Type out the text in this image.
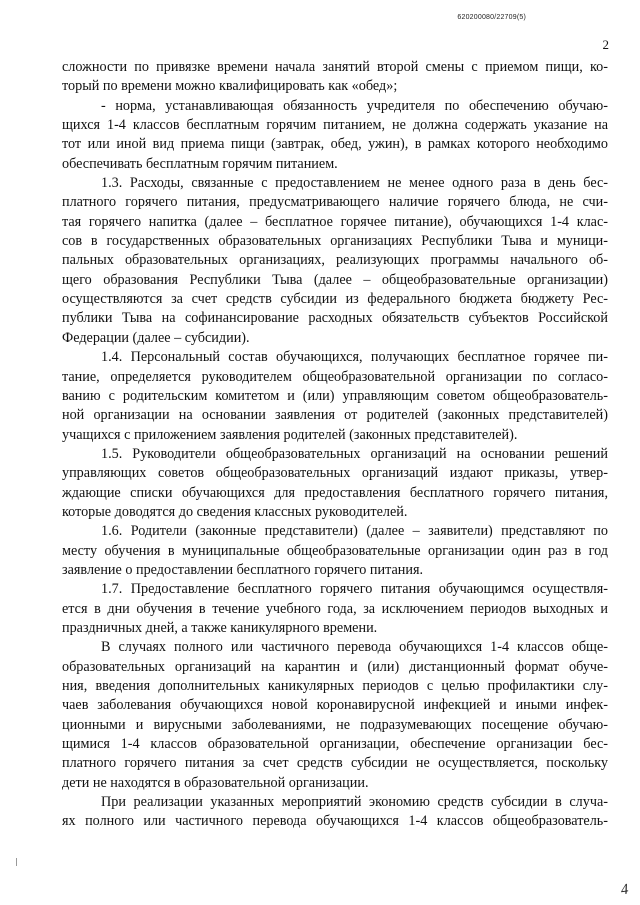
620200080/22709(5)
2
сложности по привязке времени начала занятий второй смены с приемом пищи, ко-
торый по времени можно квалифицировать как «обед»;
- норма, устанавливающая обязанность учредителя по обеспечению обучаю-
щихся 1-4 классов бесплатным горячим питанием, не должна содержать указание на
тот или иной вид приема пищи (завтрак, обед, ужин), в рамках которого необходимо
обеспечивать бесплатным горячим питанием.
1.3. Расходы, связанные с предоставлением не менее одного раза в день бес-
платного горячего питания, предусматривающего наличие горячего блюда, не счи-
тая горячего напитка (далее – бесплатное горячее питание), обучающихся 1-4 клас-
сов в государственных образовательных организациях Республики Тыва и муници-
пальных образовательных организациях, реализующих программы начального об-
щего образования Республики Тыва (далее – общеобразовательные организации)
осуществляются за счет средств субсидии из федерального бюджета бюджету Рес-
публики Тыва на софинансирование расходных обязательств субъектов Российской
Федерации (далее – субсидии).
1.4. Персональный состав обучающихся, получающих бесплатное горячее пи-
тание, определяется руководителем общеобразовательной организации по согласо-
ванию с родительским комитетом и (или) управляющим советом общеобразователь-
ной организации на основании заявления от родителей (законных представителей)
учащихся с приложением заявления родителей (законных представителей).
1.5. Руководители общеобразовательных организаций на основании решений
управляющих советов общеобразовательных организаций издают приказы, утвер-
ждающие списки обучающихся для предоставления бесплатного горячего питания,
которые доводятся до сведения классных руководителей.
1.6. Родители (законные представители) (далее – заявители) представляют по
месту обучения в муниципальные общеобразовательные организации один раз в год
заявление о предоставлении бесплатного горячего питания.
1.7. Предоставление бесплатного горячего питания обучающимся осуществля-
ется в дни обучения в течение учебного года, за исключением периодов выходных и
праздничных дней, а также каникулярного времени.
В случаях полного или частичного перевода обучающихся 1-4 классов обще-
образовательных организаций на карантин и (или) дистанционный формат обуче-
ния, введения дополнительных каникулярных периодов с целью профилактики слу-
чаев заболевания обучающихся новой коронавирусной инфекцией и иными инфек-
ционными и вирусными заболеваниями, не подразумевающих посещение обучаю-
щимися 1-4 классов образовательной организации, обеспечение организации бес-
платного горячего питания за счет средств субсидии не осуществляется, поскольку
дети не находятся в образовательной организации.
При реализации указанных мероприятий экономию средств субсидии в случа-
ях полного или частичного перевода обучающихся 1-4 классов общеобразователь-
4
